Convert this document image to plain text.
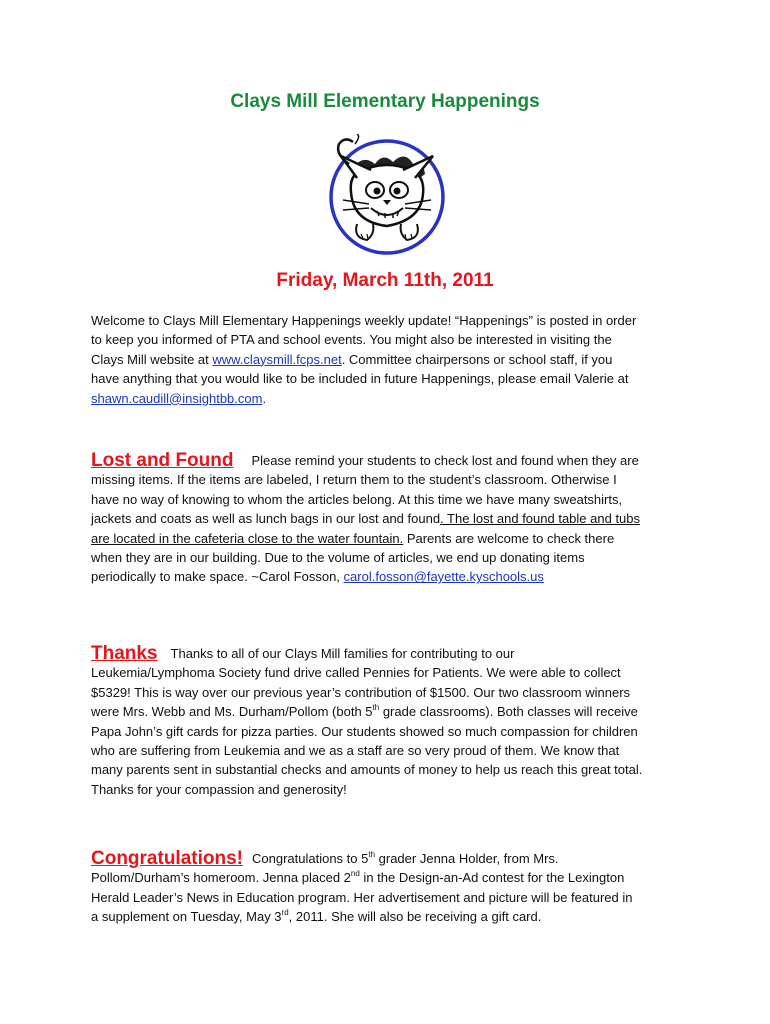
Clays Mill Elementary Happenings
Friday, March 11th, 2011
Welcome to Clays Mill Elementary Happenings weekly update! “Happenings” is posted in order
to keep you informed of PTA and school events. You might also be interested in visiting the
Clays Mill website at www.claysmill.fcps.net. Committee chairpersons or school staff, if you
have anything that you would like to be included in future Happenings, please email Valerie at
shawn.caudill@insightbb.com.
Lost and Found Please remind your students to check lost and found when they are
missing items. If the items are labeled, I return them to the student’s classroom. Otherwise I
have no way of knowing to whom the articles belong. At this time we have many sweatshirts,
jackets and coats as well as lunch bags in our lost and found. The lost and found table and tubs
are located in the cafeteria close to the water fountain. Parents are welcome to check there
when they are in our building. Due to the volume of articles, we end up donating items
periodically to make space. ~Carol Fosson, carol.fosson@fayette.kyschools.us
Thanks Thanks to all of our Clays Mill families for contributing to our
Leukemia/Lymphoma Society fund drive called Pennies for Patients. We were able to collect
$5329! This is way over our previous year’s contribution of $1500. Our two classroom winners
were Mrs. Webb and Ms. Durham/Pollom (both 5th grade classrooms). Both classes will receive
Papa John’s gift cards for pizza parties. Our students showed so much compassion for children
who are suffering from Leukemia and we as a staff are so very proud of them. We know that
many parents sent in substantial checks and amounts of money to help us reach this great total.
Thanks for your compassion and generosity!
Congratulations! Congratulations to 5th grader Jenna Holder, from Mrs.
Pollom/Durham’s homeroom. Jenna placed 2nd in the Design-an-Ad contest for the Lexington
Herald Leader’s News in Education program. Her advertisement and picture will be featured in
a supplement on Tuesday, May 3rd, 2011. She will also be receiving a gift card.
